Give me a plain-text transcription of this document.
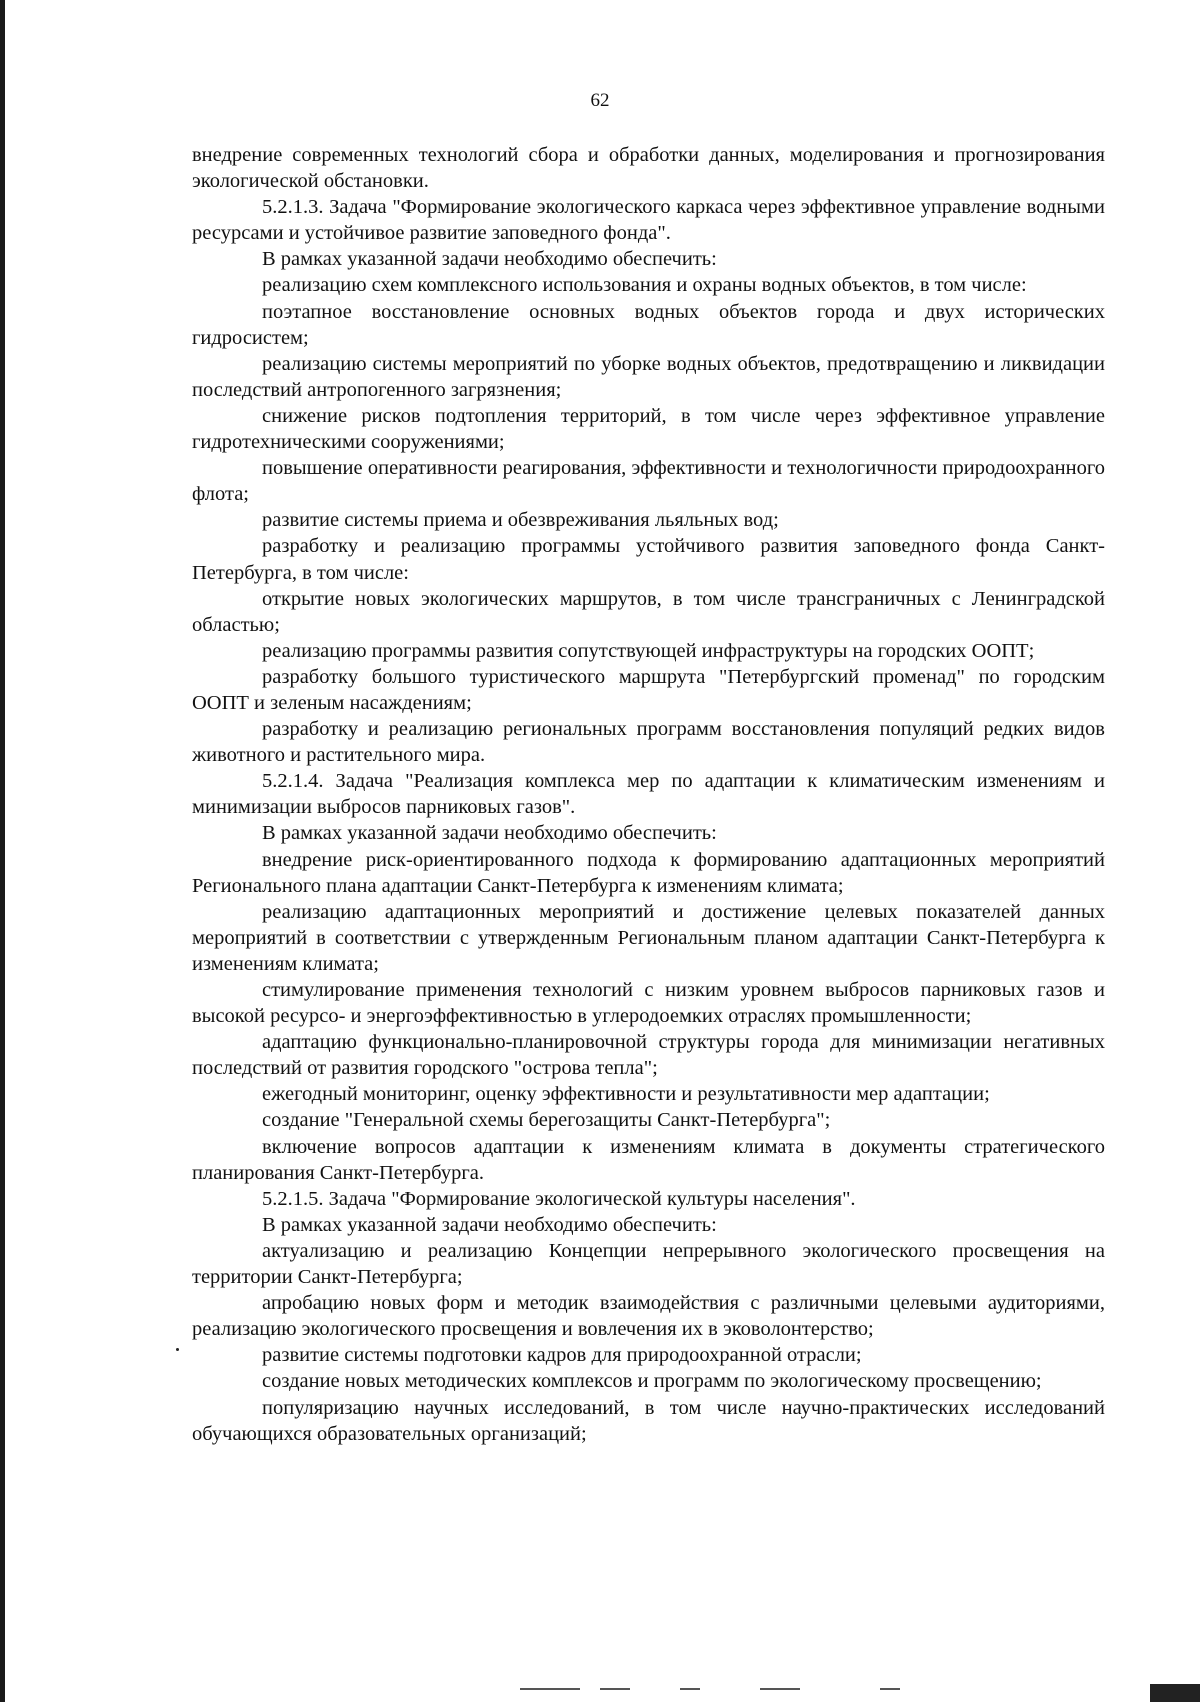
62

внедрение современных технологий сбора и обработки данных, моделирования и прогнозирования экологической обстановки.

5.2.1.3. Задача "Формирование экологического каркаса через эффективное управление водными ресурсами и устойчивое развитие заповедного фонда".

В рамках указанной задачи необходимо обеспечить:

реализацию схем комплексного использования и охраны водных объектов, в том числе:

поэтапное восстановление основных водных объектов города и двух исторических гидросистем;

реализацию системы мероприятий по уборке водных объектов, предотвращению и ликвидации последствий антропогенного загрязнения;

снижение рисков подтопления территорий, в том числе через эффективное управление гидротехническими сооружениями;

повышение оперативности реагирования, эффективности и технологичности природоохранного флота;

развитие системы приема и обезвреживания льяльных вод;

разработку и реализацию программы устойчивого развития заповедного фонда Санкт-Петербурга, в том числе:

открытие новых экологических маршрутов, в том числе трансграничных с Ленинградской областью;

реализацию программы развития сопутствующей инфраструктуры на городских ООПТ;

разработку большого туристического маршрута "Петербургский променад" по городским ООПТ и зеленым насаждениям;

разработку и реализацию региональных программ восстановления популяций редких видов животного и растительного мира.

5.2.1.4. Задача "Реализация комплекса мер по адаптации к климатическим изменениям и минимизации выбросов парниковых газов".

В рамках указанной задачи необходимо обеспечить:

внедрение риск-ориентированного подхода к формированию адаптационных мероприятий Регионального плана адаптации Санкт-Петербурга к изменениям климата;

реализацию адаптационных мероприятий и достижение целевых показателей данных мероприятий в соответствии с утвержденным Региональным планом адаптации Санкт-Петербурга к изменениям климата;

стимулирование применения технологий с низким уровнем выбросов парниковых газов и высокой ресурсо- и энергоэффективностью в углеродоемких отраслях промышленности;

адаптацию функционально-планировочной структуры города для минимизации негативных последствий от развития городского "острова тепла";

ежегодный мониторинг, оценку эффективности и результативности мер адаптации;

создание "Генеральной схемы берегозащиты Санкт-Петербурга";

включение вопросов адаптации к изменениям климата в документы стратегического планирования Санкт-Петербурга.

5.2.1.5. Задача "Формирование экологической культуры населения".

В рамках указанной задачи необходимо обеспечить:

актуализацию и реализацию Концепции непрерывного экологического просвещения на территории Санкт-Петербурга;

апробацию новых форм и методик взаимодействия с различными целевыми аудиториями, реализацию экологического просвещения и вовлечения их в эковолонтерство;

развитие системы подготовки кадров для природоохранной отрасли;

создание новых методических комплексов и программ по экологическому просвещению;

популяризацию научных исследований, в том числе научно-практических исследований обучающихся образовательных организаций;
